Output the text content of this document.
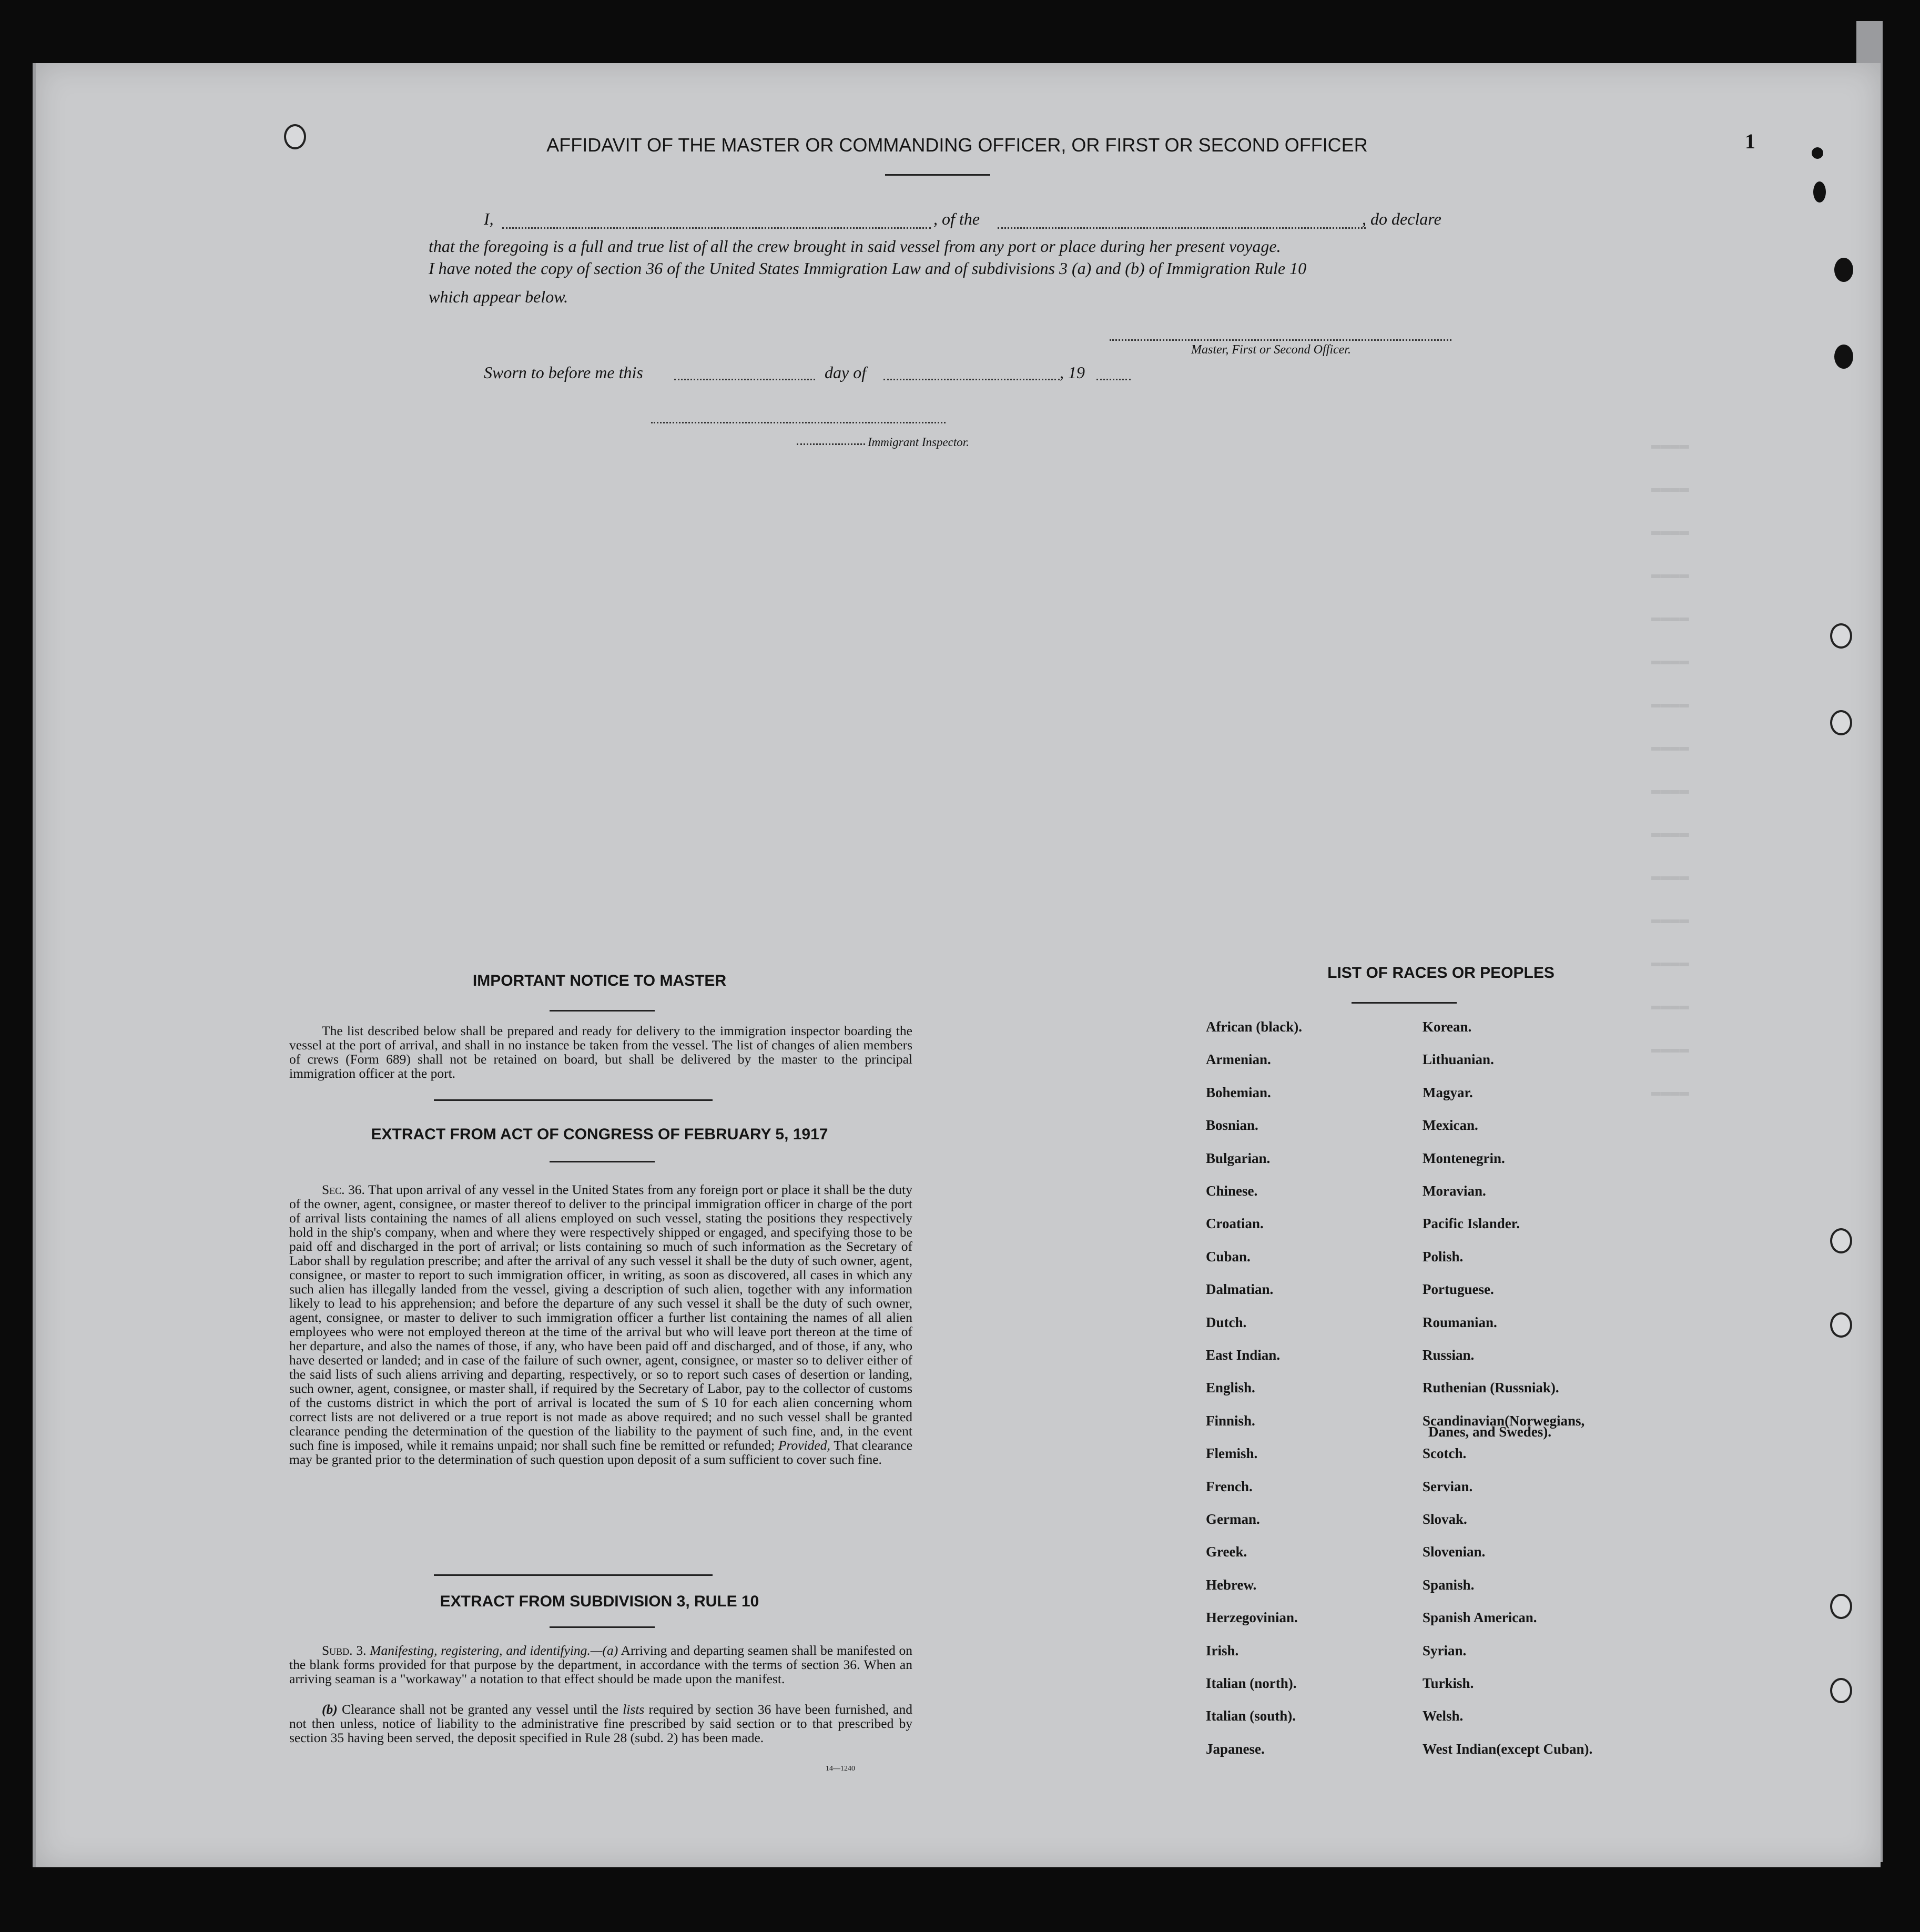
▬▬▬▬
▬▬▬▬
▬▬▬▬
▬▬▬▬
▬▬▬▬
▬▬▬▬
▬▬▬▬
▬▬▬▬
▬▬▬▬
▬▬▬▬
▬▬▬▬
▬▬▬▬
▬▬▬▬
▬▬▬▬
▬▬▬▬
▬▬▬▬
1
AFFIDAVIT OF THE MASTER OR COMMANDING OFFICER, OR FIRST OR SECOND OFFICER
I,	, of the	, do declare
that the foregoing is a full and true list of all the crew brought in said vessel from any port or place during her present voyage.
I have noted the copy of section 36 of the United States Immigration Law and of subdivisions 3 (a) and (b) of Immigration Rule 10
which appear below.
Master, First or Second Officer.
Sworn to before me this	day of	, 19
Immigrant Inspector.
IMPORTANT NOTICE TO MASTER
The list described below shall be prepared and ready for delivery to the immigration inspector boarding the vessel at the port of arrival, and shall in no instance be taken from the vessel. The list of changes of alien members of crews (Form 689) shall not be retained on board, but shall be delivered by the master to the principal immigration officer at the port.
EXTRACT FROM ACT OF CONGRESS OF FEBRUARY 5, 1917
Sec. 36. That upon arrival of any vessel in the United States from any foreign port or place it shall be the duty of the owner, agent, consignee, or master thereof to deliver to the principal immigration officer in charge of the port of arrival lists containing the names of all aliens employed on such vessel, stating the positions they respectively hold in the ship's company, when and where they were respectively shipped or engaged, and specifying those to be paid off and discharged in the port of arrival; or lists containing so much of such information as the Secretary of Labor shall by regulation prescribe; and after the arrival of any such vessel it shall be the duty of such owner, agent, consignee, or master to report to such immigration officer, in writing, as soon as discovered, all cases in which any such alien has illegally landed from the vessel, giving a description of such alien, together with any information likely to lead to his apprehension; and before the departure of any such vessel it shall be the duty of such owner, agent, consignee, or master to deliver to such immigration officer a further list containing the names of all alien employees who were not employed thereon at the time of the arrival but who will leave port thereon at the time of her departure, and also the names of those, if any, who have been paid off and discharged, and of those, if any, who have deserted or landed; and in case of the failure of such owner, agent, consignee, or master so to deliver either of the said lists of such aliens arriving and departing, respectively, or so to report such cases of desertion or landing, such owner, agent, consignee, or master shall, if required by the Secretary of Labor, pay to the collector of customs of the customs district in which the port of arrival is located the sum of $ 10 for each alien concerning whom correct lists are not delivered or a true report is not made as above required; and no such vessel shall be granted clearance pending the determination of the question of the liability to the payment of such fine, and, in the event such fine is imposed, while it remains unpaid; nor shall such fine be remitted or refunded; Provided, That clearance may be granted prior to the determination of such question upon deposit of a sum sufficient to cover such fine.
EXTRACT FROM SUBDIVISION 3, RULE 10
Subd. 3. Manifesting, registering, and identifying.—(a) Arriving and departing seamen shall be manifested on the blank forms provided for that purpose by the department, in accordance with the terms of section 36. When an arriving seaman is a "workaway" a notation to that effect should be made upon the manifest.
(b) Clearance shall not be granted any vessel until the lists required by section 36 have been furnished, and not then unless, notice of liability to the administrative fine prescribed by said section or to that prescribed by section 35 having been served, the deposit specified in Rule 28 (subd. 2) has been made.
14—1240
LIST OF RACES OR PEOPLES
African (black).
Armenian.
Bohemian.
Bosnian.
Bulgarian.
Chinese.
Croatian.
Cuban.
Dalmatian.
Dutch.
East Indian.
English.
Finnish.
Flemish.
French.
German.
Greek.
Hebrew.
Herzegovinian.
Irish.
Italian (north).
Italian (south).
Japanese.
Korean.
Lithuanian.
Magyar.
Mexican.
Montenegrin.
Moravian.
Pacific Islander.
Polish.
Portuguese.
Roumanian.
Russian.
Ruthenian (Russniak).
Scandinavian(Norwegians,
Scotch.
Servian.
Slovak.
Slovenian.
Spanish.
Spanish American.
Syrian.
Turkish.
Welsh.
West Indian(except Cuban).
Danes, and Swedes).
